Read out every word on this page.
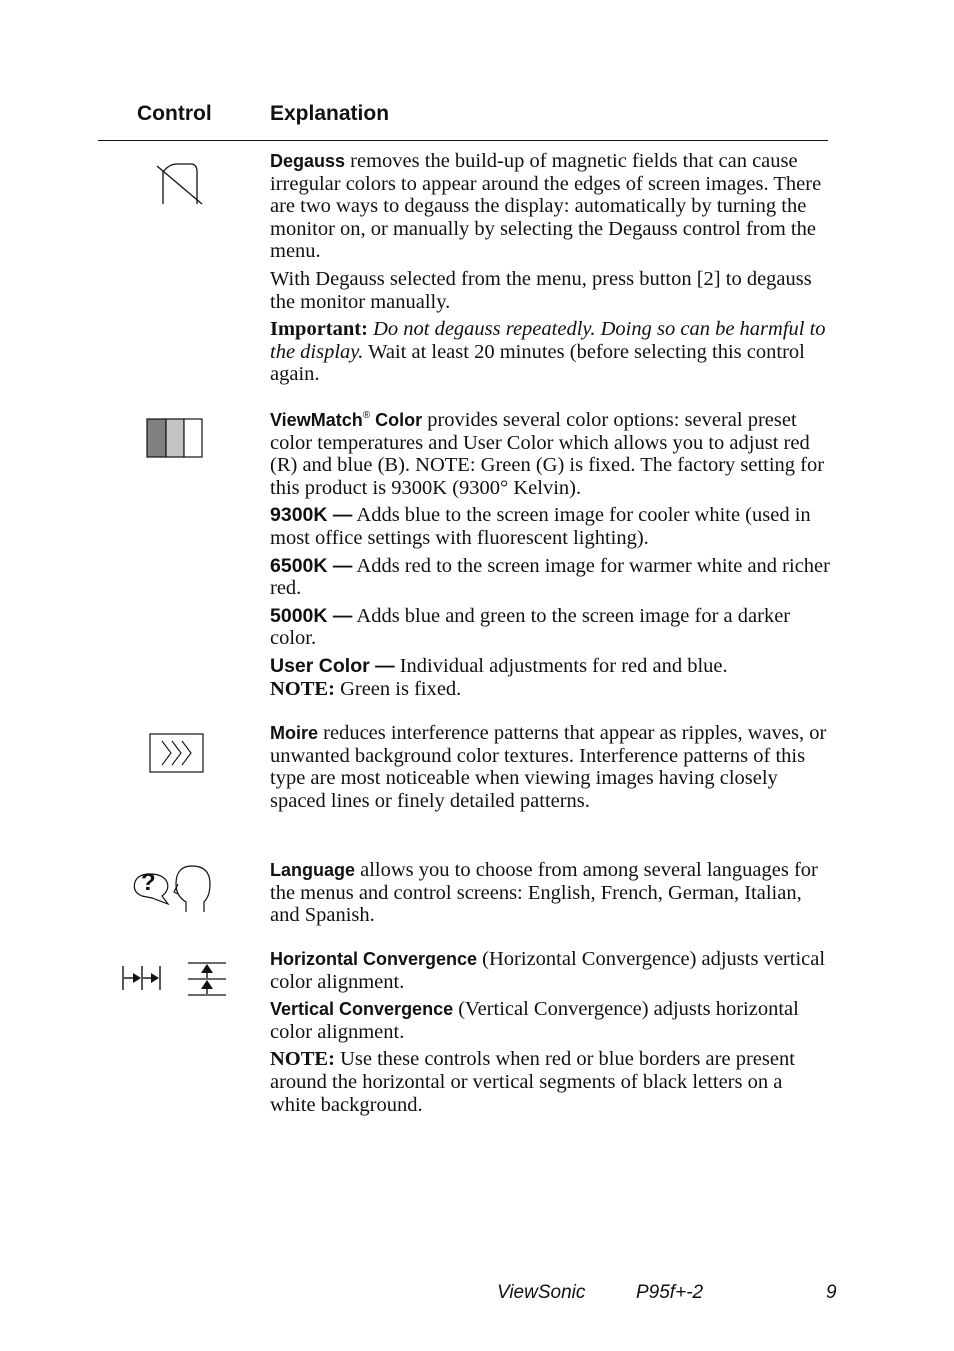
Control	Explanation

Degauss removes the build-up of magnetic fields that can cause irregular colors to appear around the edges of screen images. There are two ways to degauss the display: automatically by turning the monitor on, or manually by selecting the Degauss control from the menu.

With Degauss selected from the menu, press button [2] to degauss the monitor manually.

Important: Do not degauss repeatedly. Doing so can be harmful to the display. Wait at least 20 minutes (before selecting this control again.

ViewMatch® Color provides several color options: several preset color temperatures and User Color which allows you to adjust red (R) and blue (B). NOTE: Green (G) is fixed. The factory setting for this product is 9300K (9300° Kelvin).

9300K — Adds blue to the screen image for cooler white (used in most office settings with fluorescent lighting).

6500K — Adds red to the screen image for warmer white and richer red.

5000K — Adds blue and green to the screen image for a darker color.

User Color — Individual adjustments for red and blue.
NOTE: Green is fixed.

Moire reduces interference patterns that appear as ripples, waves, or unwanted background color textures. Interference patterns of this type are most noticeable when viewing images having closely spaced lines or finely detailed patterns.

?	Language allows you to choose from among several languages for the menus and control screens: English, French, German, Italian, and Spanish.

Horizontal Convergence (Horizontal Convergence) adjusts vertical color alignment.

Vertical Convergence (Vertical Convergence) adjusts horizontal color alignment.

NOTE: Use these controls when red or blue borders are present around the horizontal or vertical segments of black letters on a white background.

ViewSonic	P95f+-2	9
